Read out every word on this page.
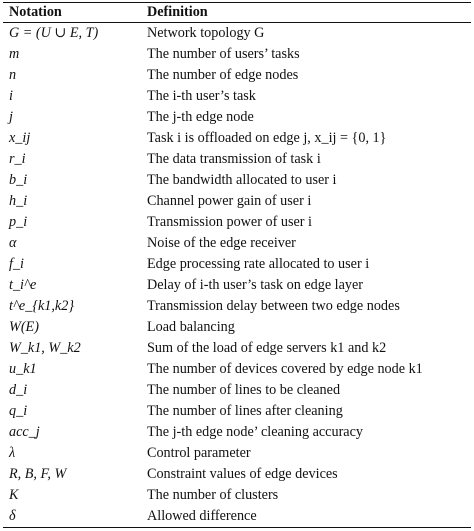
Notation	Definition
G = (U ∪ E, T)	Network topology G
m	The number of users’ tasks
n	The number of edge nodes
i	The i-th user’s task
j	The j-th edge node
x_ij	Task i is offloaded on edge j, x_ij = {0, 1}
r_i	The data transmission of task i
b_i	The bandwidth allocated to user i
h_i	Channel power gain of user i
p_i	Transmission power of user i
α	Noise of the edge receiver
f_i	Edge processing rate allocated to user i
t_i^e	Delay of i-th user’s task on edge layer
t^e_{k1,k2}	Transmission delay between two edge nodes
W(E)	Load balancing
W_k1, W_k2	Sum of the load of edge servers k1 and k2
u_k1	The number of devices covered by edge node k1
d_i	The number of lines to be cleaned
q_i	The number of lines after cleaning
acc_j	The j-th edge node’ cleaning accuracy
λ	Control parameter
R, B, F, W	Constraint values of edge devices
K	The number of clusters
δ	Allowed difference
